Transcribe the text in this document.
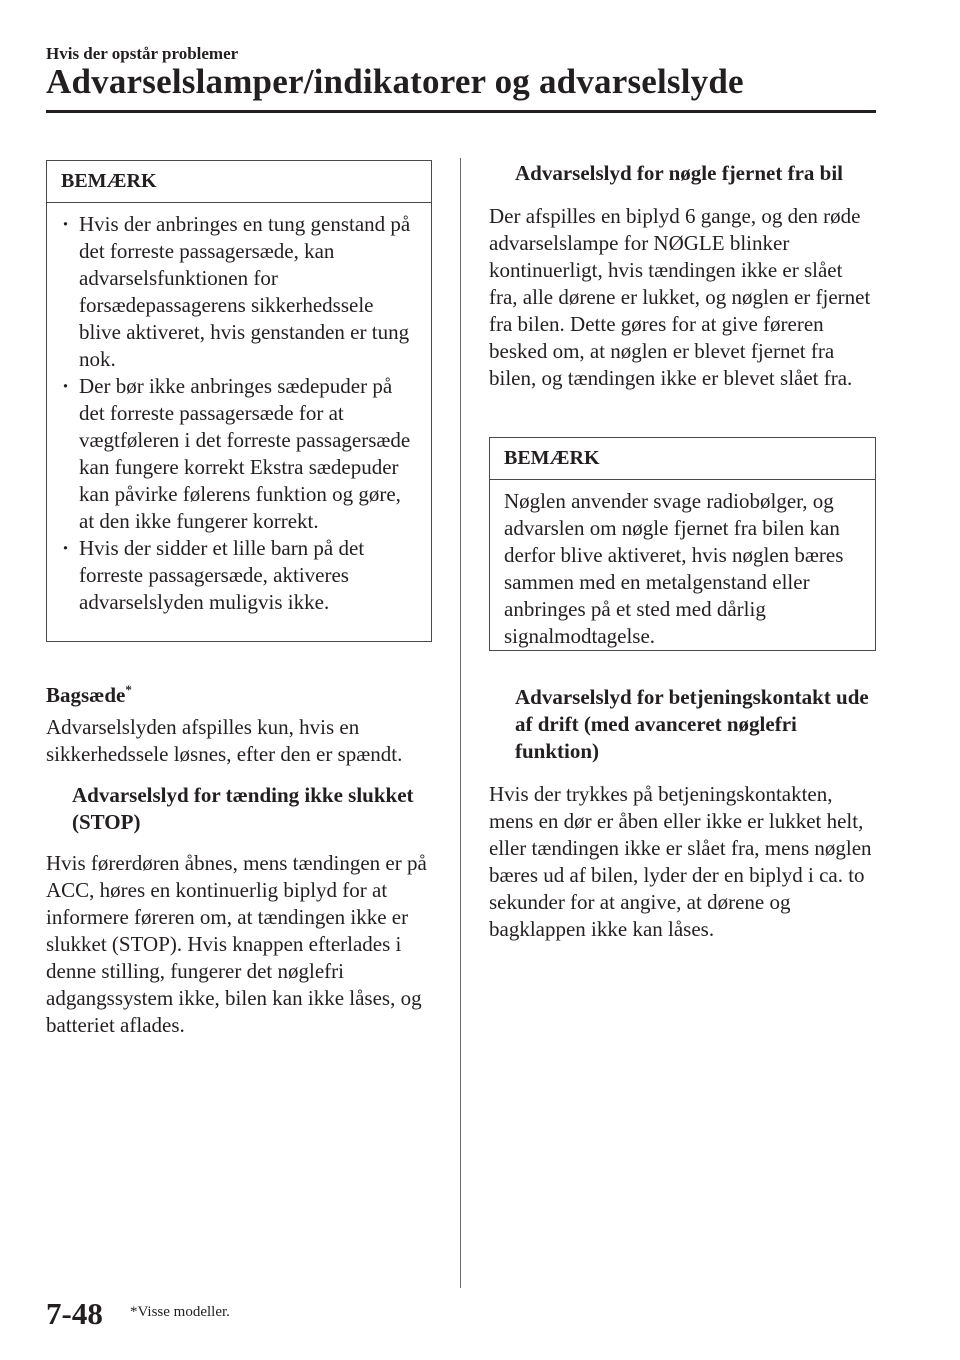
Hvis der opstår problemer
Advarselslamper/indikatorer og advarselslyde
BEMÆRK
· Hvis der anbringes en tung genstand på det forreste passagersæde, kan advarselsfunktionen for forsædepassagerens sikkerhedssele blive aktiveret, hvis genstanden er tung nok.
· Der bør ikke anbringes sædepuder på det forreste passagersæde for at vægtføleren i det forreste passagersæde kan fungere korrekt Ekstra sædepuder kan påvirke følerens funktion og gøre, at den ikke fungerer korrekt.
· Hvis der sidder et lille barn på det forreste passagersæde, aktiveres advarselslyden muligvis ikke.
Bagsæde*

Advarselslyden afspilles kun, hvis en sikkerhedssele løsnes, efter den er spændt.

Advarselslyd for tænding ikke slukket (STOP)

Hvis førerdøren åbnes, mens tændingen er på ACC, høres en kontinuerlig biplyd for at informere føreren om, at tændingen ikke er slukket (STOP). Hvis knappen efterlades i denne stilling, fungerer det nøglefri adgangssystem ikke, bilen kan ikke låses, og batteriet aflades.

Advarselslyd for nøgle fjernet fra bil

Der afspilles en biplyd 6 gange, og den røde advarselslampe for NØGLE blinker kontinuerligt, hvis tændingen ikke er slået fra, alle dørene er lukket, og nøglen er fjernet fra bilen. Dette gøres for at give føreren besked om, at nøglen er blevet fjernet fra bilen, og tændingen ikke er blevet slået fra.

BEMÆRK
Nøglen anvender svage radiobølger, og advarslen om nøgle fjernet fra bilen kan derfor blive aktiveret, hvis nøglen bæres sammen med en metalgenstand eller anbringes på et sted med dårlig signalmodtagelse.
Advarselslyd for betjeningskontakt ude af drift (med avanceret nøglefri funktion)

Hvis der trykkes på betjeningskontakten, mens en dør er åben eller ikke er lukket helt, eller tændingen ikke er slået fra, mens nøglen bæres ud af bilen, lyder der en biplyd i ca. to sekunder for at angive, at dørene og bagklappen ikke kan låses.

7-48 *Visse modeller.
